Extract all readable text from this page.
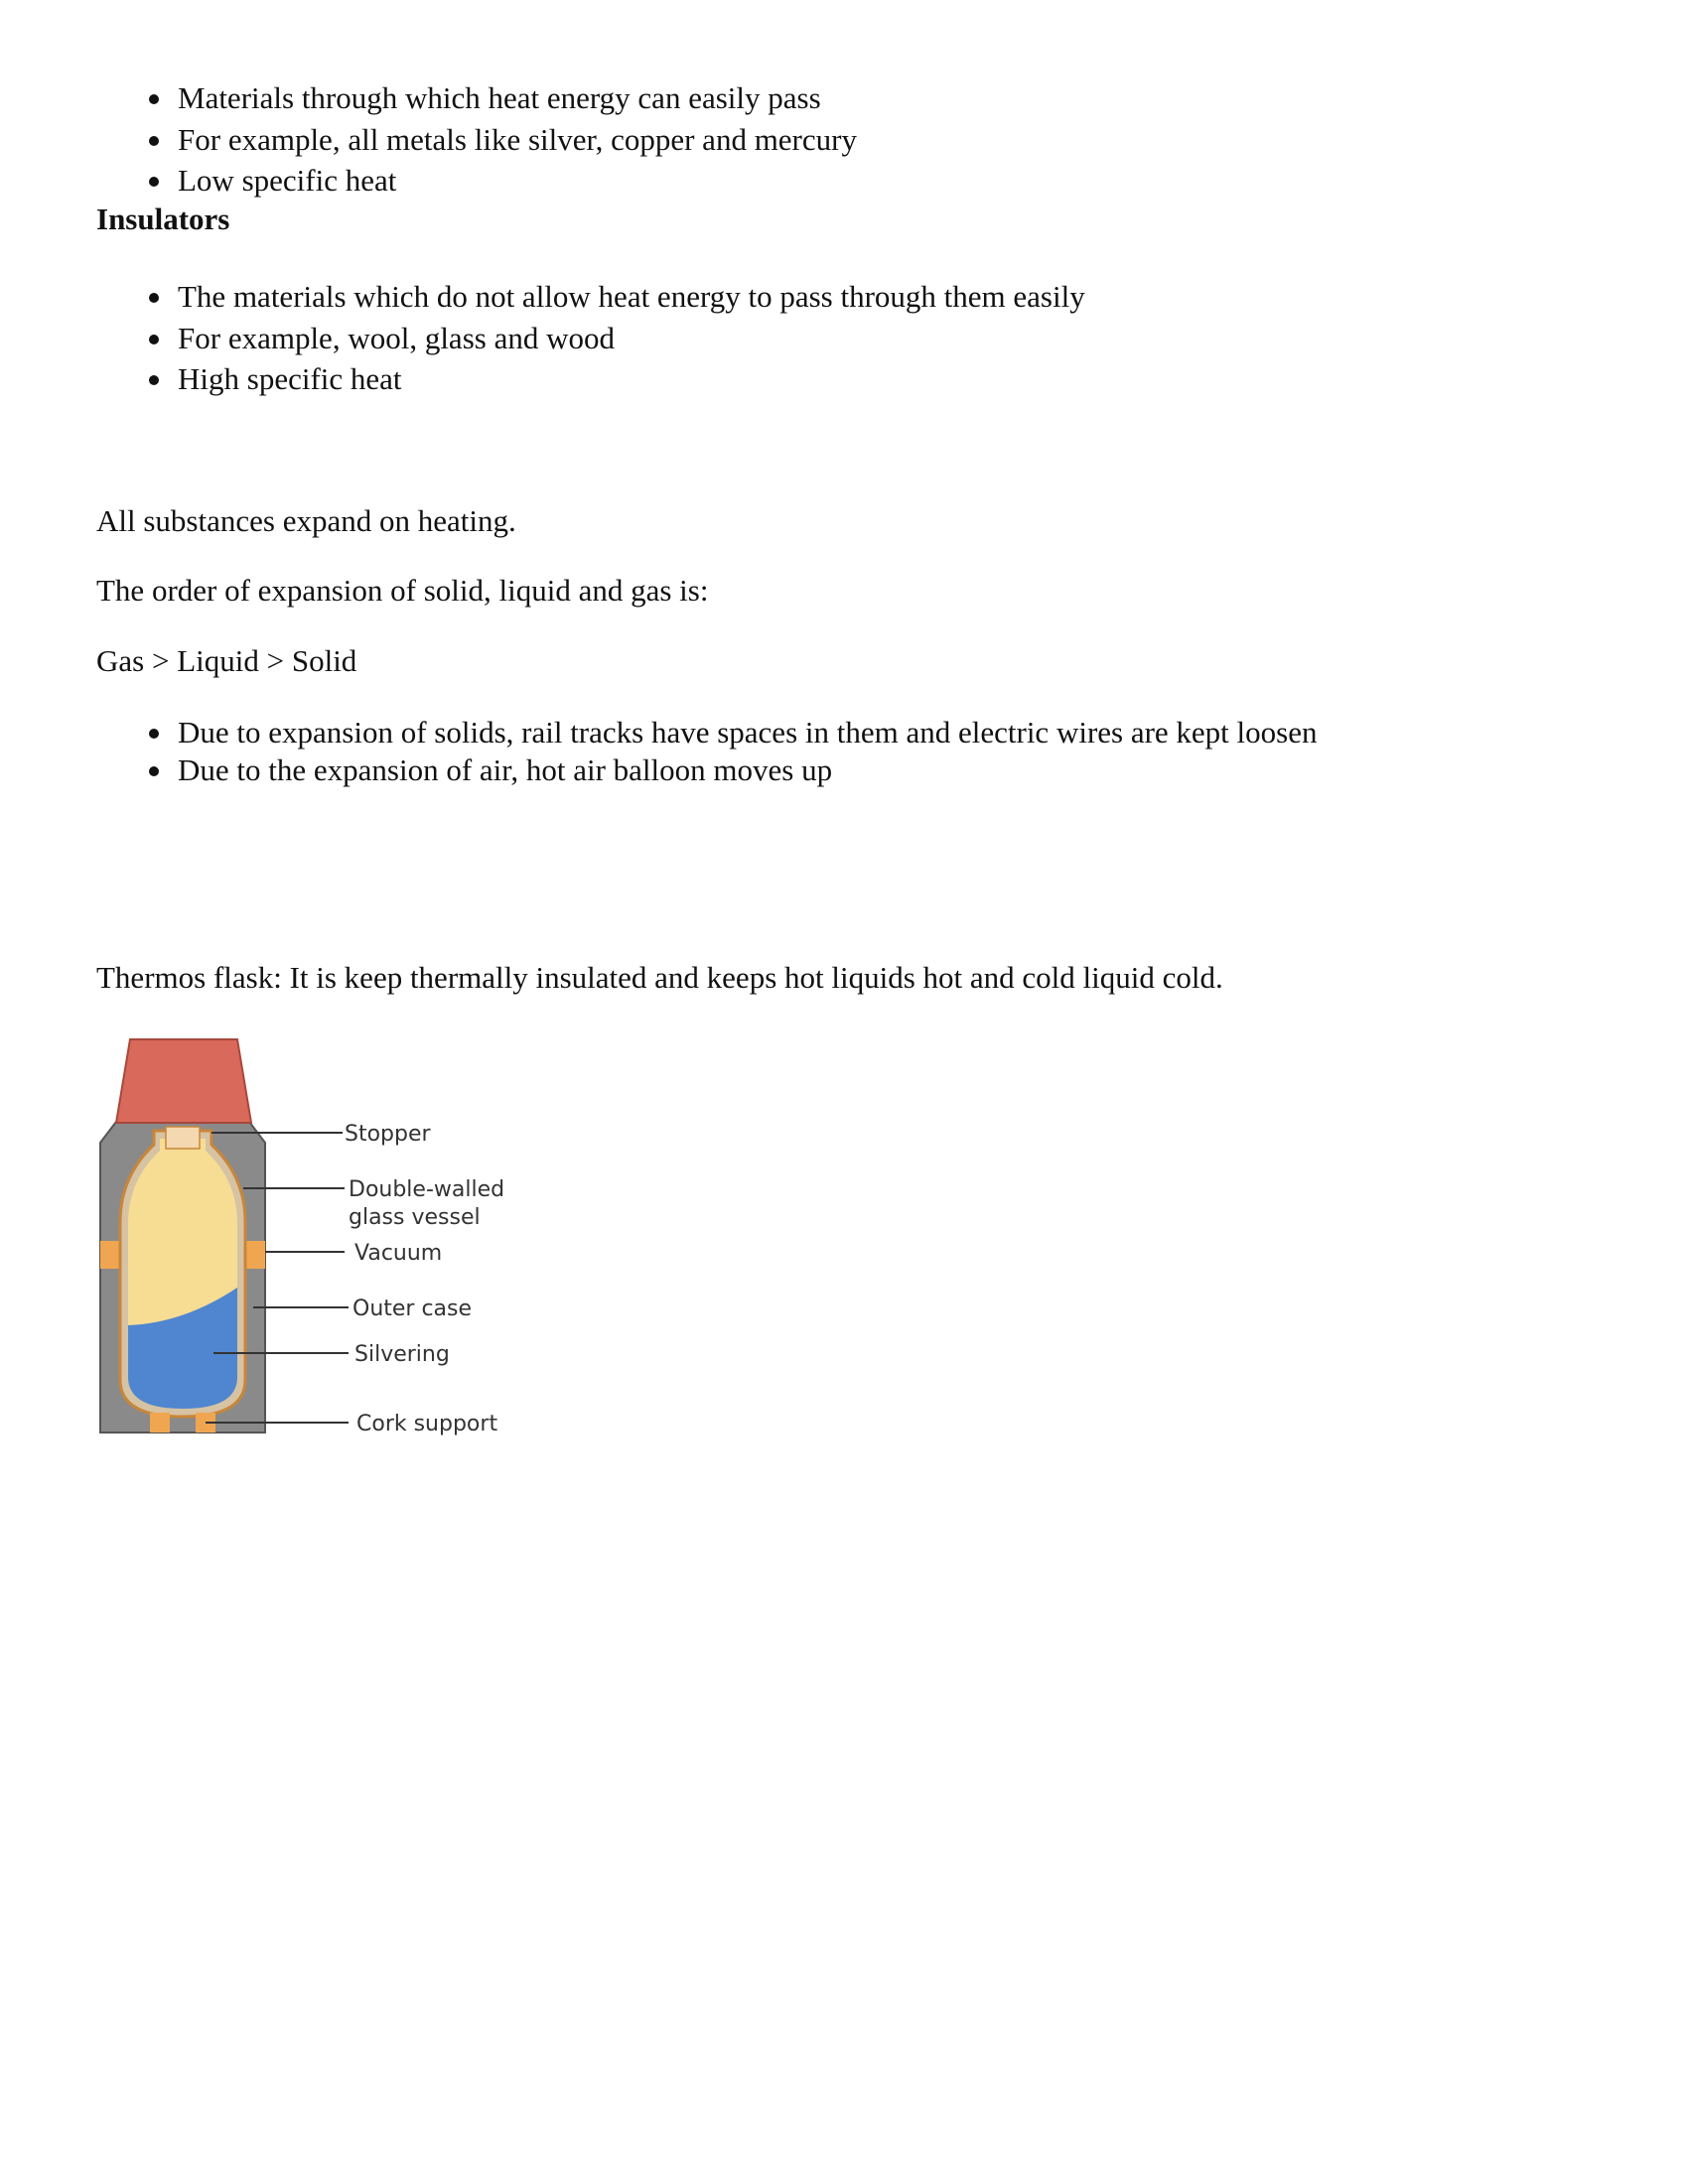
Materials through which heat energy can easily pass
For example, all metals like silver, copper and mercury
Low specific heat
Insulators
The materials which do not allow heat energy to pass through them easily
For example, wool, glass and wood
High specific heat

All substances expand on heating.

The order of expansion of solid, liquid and gas is:

Gas > Liquid > Solid

Due to expansion of solids, rail tracks have spaces in them and electric wires are kept loosen
Due to the expansion of air, hot air balloon moves up

Thermos flask: It is keep thermally insulated and keeps hot liquids hot and cold liquid cold.

Stopper
Double-walled
glass vessel
Vacuum
Outer case
Silvering
Cork support
